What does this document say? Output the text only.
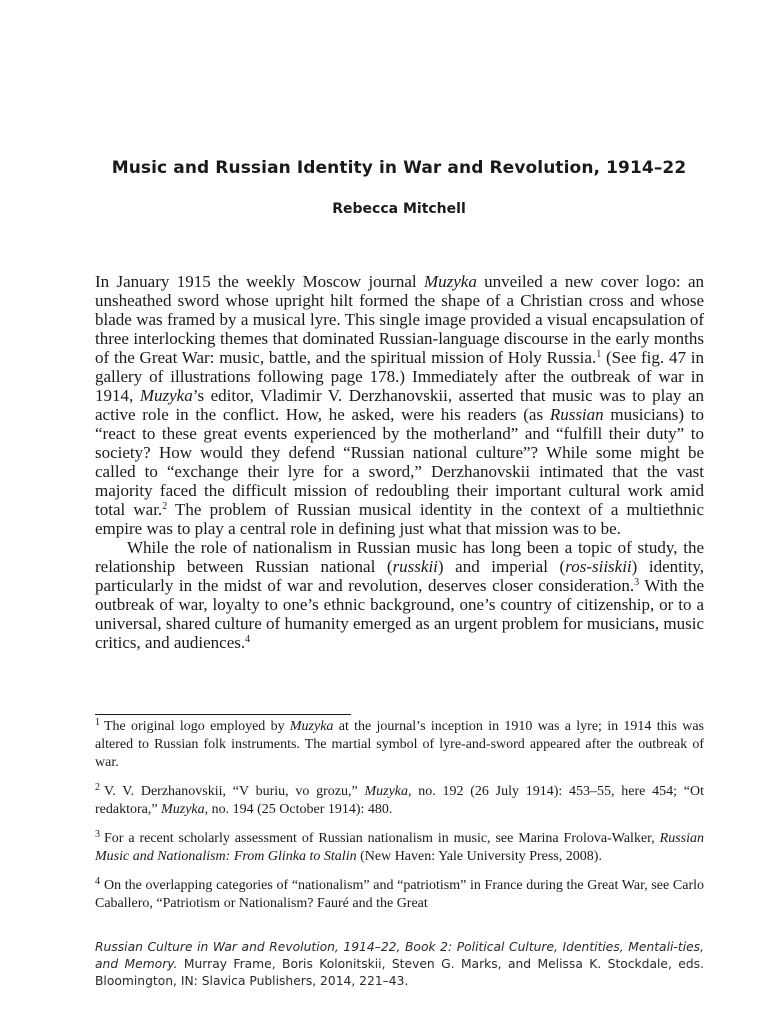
Music and Russian Identity in War and Revolution, 1914–22
Rebecca Mitchell

In January 1915 the weekly Moscow journal Muzyka unveiled a new cover logo: an unsheathed sword whose upright hilt formed the shape of a Christian cross and whose blade was framed by a musical lyre. This single image provided a visual encapsulation of three interlocking themes that dominated Russian-language discourse in the early months of the Great War: music, battle, and the spiritual mission of Holy Russia.$^1$ (See fig. 47 in gallery of illustrations following page 178.) Immediately after the outbreak of war in 1914, Muzyka’s editor, Vladimir V. Derzhanovskii, asserted that music was to play an active role in the conflict. How, he asked, were his readers (as Russian musicians) to “react to these great events experienced by the motherland” and “fulfill their duty” to society? How would they defend “Russian national culture”? While some might be called to “exchange their lyre for a sword,” Derzhanovskii intimated that the vast majority faced the difficult mission of redoubling their important cultural work amid total war.$^2$ The problem of Russian musical identity in the context of a multiethnic empire was to play a central role in defining just what that mission was to be.

While the role of nationalism in Russian music has long been a topic of study, the relationship between Russian national (russkii) and imperial (ros-siiskii) identity, particularly in the midst of war and revolution, deserves closer consideration.$^3$ With the outbreak of war, loyalty to one’s ethnic background, one’s country of citizenship, or to a universal, shared culture of humanity emerged as an urgent problem for musicians, music critics, and audiences.$^4$

$^1$ The original logo employed by Muzyka at the journal’s inception in 1910 was a lyre; in 1914 this was altered to Russian folk instruments. The martial symbol of lyre-and-sword appeared after the outbreak of war.

$^2$ V. V. Derzhanovskii, “V buriu, vo grozu,” Muzyka, no. 192 (26 July 1914): 453–55, here 454; “Ot redaktora,” Muzyka, no. 194 (25 October 1914): 480.

$^3$ For a recent scholarly assessment of Russian nationalism in music, see Marina Frolova-Walker, Russian Music and Nationalism: From Glinka to Stalin (New Haven: Yale University Press, 2008).

$^4$ On the overlapping categories of “nationalism” and “patriotism” in France during the Great War, see Carlo Caballero, “Patriotism or Nationalism? Fauré and the Great

Russian Culture in War and Revolution, 1914–22, Book 2: Political Culture, Identities, Mentali-ties, and Memory. Murray Frame, Boris Kolonitskii, Steven G. Marks, and Melissa K. Stockdale, eds. Bloomington, IN: Slavica Publishers, 2014, 221–43.
